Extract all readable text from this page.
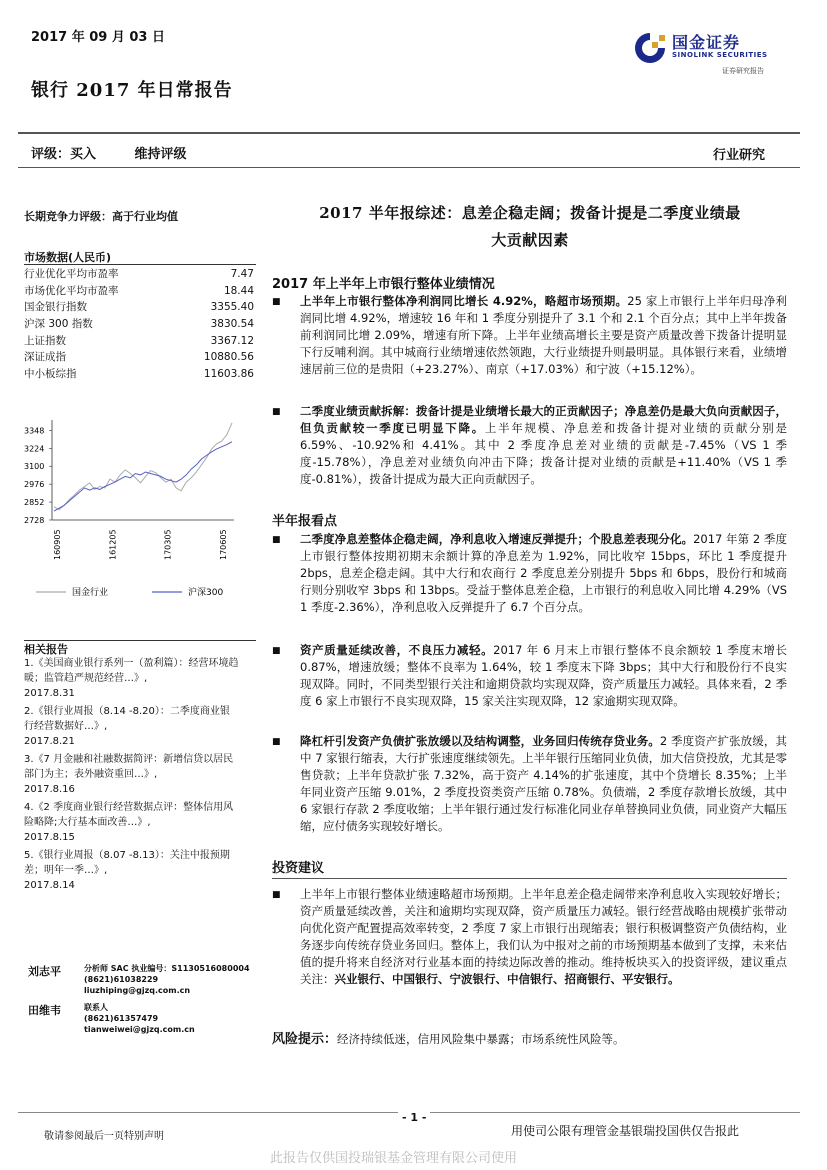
2017 年 09 月 03 日
银行 2017 年日常报告
国金证券
SINOLINK SECURITIES
证券研究报告
评级：买入	维持评级	行业研究
长期竞争力评级：高于行业均值
市场数据(人民币)
行业优化平均市盈率	7.47
市场优化平均市盈率	18.44
国金银行指数	3355.40
沪深 300 指数	3830.54
上证指数	3367.12
深证成指	10880.56
中小板综指	11603.86
2728
2852
2976
3100
3224
3348
160905	161205	170305	170605
国金行业	沪深300
相关报告
1.《美国商业银行系列一（盈利篇）：经营环境趋暖；监管趋严规范经营…》,
2017.8.31
2.《银行业周报（8.14 -8.20）：二季度商业银行经营数据好…》,
2017.8.21
3.《7 月金融和社融数据简评：新增信贷以居民部门为主；表外融资重回…》,
2017.8.16
4.《2 季度商业银行经营数据点评：整体信用风险略降;大行基本面改善…》,
2017.8.15
5.《银行业周报（8.07 -8.13）：关注中报预期差；明年一季…》,
2017.8.14
刘志平	分析师 SAC 执业编号：S1130516080004
(8621)61038229
liuzhiping@gjzq.com.cn
田维韦	联系人
(8621)61357479
tianweiwei@gjzq.com.cn
2017 半年报综述：息差企稳走阔；拨备计提是二季度业绩最
大贡献因素
2017 年上半年上市银行整体业绩情况
■ 上半年上市银行整体净利润同比增长 4.92%，略超市场预期。25 家上市银行上半年归母净利润同比增 4.92%，增速较 16 年和 1 季度分别提升了 3.1 个和 2.1 个百分点；其中上半年拨备前利润同比增 2.09%，增速有所下降。上半年业绩高增长主要是资产质量改善下拨备计提明显下行反哺利润。其中城商行业绩增速依然领跑，大行业绩提升则最明显。具体银行来看，业绩增速居前三位的是贵阳（+23.27%）、南京（+17.03%）和宁波（+15.12%）。
■ 二季度业绩贡献拆解：拨备计提是业绩增长最大的正贡献因子；净息差仍是最大负向贡献因子，但负贡献较一季度已明显下降。上半年规模、净息差和拨备计提对业绩的贡献分别是 6.59%、-10.92%和 4.41%。其中 2 季度净息差对业绩的贡献是-7.45%（VS 1 季度-15.78%），净息差对业绩负向冲击下降；拨备计提对业绩的贡献是+11.40%（VS 1 季度-0.81%），拨备计提成为最大正向贡献因子。
半年报看点
■ 二季度净息差整体企稳走阔，净利息收入增速反弹提升；个股息差表现分化。2017 年第 2 季度上市银行整体按期初期末余额计算的净息差为 1.92%，同比收窄 15bps，环比 1 季度提升 2bps，息差企稳走阔。其中大行和农商行 2 季度息差分别提升 5bps 和 6bps，股份行和城商行则分别收窄 3bps 和 13bps。受益于整体息差企稳，上市银行的利息收入同比增 4.29%（VS 1 季度-2.36%），净利息收入反弹提升了 6.7 个百分点。
■ 资产质量延续改善，不良压力减轻。2017 年 6 月末上市银行整体不良余额较 1 季度末增长 0.87%，增速放缓；整体不良率为 1.64%，较 1 季度末下降 3bps；其中大行和股份行不良实现双降。同时，不同类型银行关注和逾期贷款均实现双降，资产质量压力减轻。具体来看，2 季度 6 家上市银行不良实现双降，15 家关注实现双降，12 家逾期实现双降。
■ 降杠杆引发资产负债扩张放缓以及结构调整，业务回归传统存贷业务。2 季度资产扩张放缓，其中 7 家银行缩表，大行扩张速度继续领先。上半年银行压缩同业负债，加大信贷投放，尤其是零售贷款；上半年贷款扩张 7.32%，高于资产 4.14%的扩张速度，其中个贷增长 8.35%；上半年同业资产压缩 9.01%，2 季度投资类资产压缩 0.78%。负债端，2 季度存款增长放缓，其中 6 家银行存款 2 季度收缩；上半年银行通过发行标准化同业存单替换同业负债，同业资产大幅压缩，应付债务实现较好增长。
投资建议
■ 上半年上市银行整体业绩速略超市场预期。上半年息差企稳走阔带来净利息收入实现较好增长；资产质量延续改善，关注和逾期均实现双降，资产质量压力减轻。银行经营战略由规模扩张带动向优化资产配置提高效率转变，2 季度 7 家上市银行出现缩表；银行积极调整资产负债结构，业务逐步向传统存贷业务回归。整体上，我们认为中报对之前的市场预期基本做到了支撑，未来估值的提升将来自经济对行业基本面的持续边际改善的推动。维持板块买入的投资评级，建议重点关注：兴业银行、中国银行、宁波银行、中信银行、招商银行、平安银行。
风险提示：经济持续低迷，信用风险集中暴露；市场系统性风险等。
- 1 -
敬请参阅最后一页特别声明	用使司公限有理管金基银瑞投国供仅告报此
此报告仅供国投瑞银基金管理有限公司使用
